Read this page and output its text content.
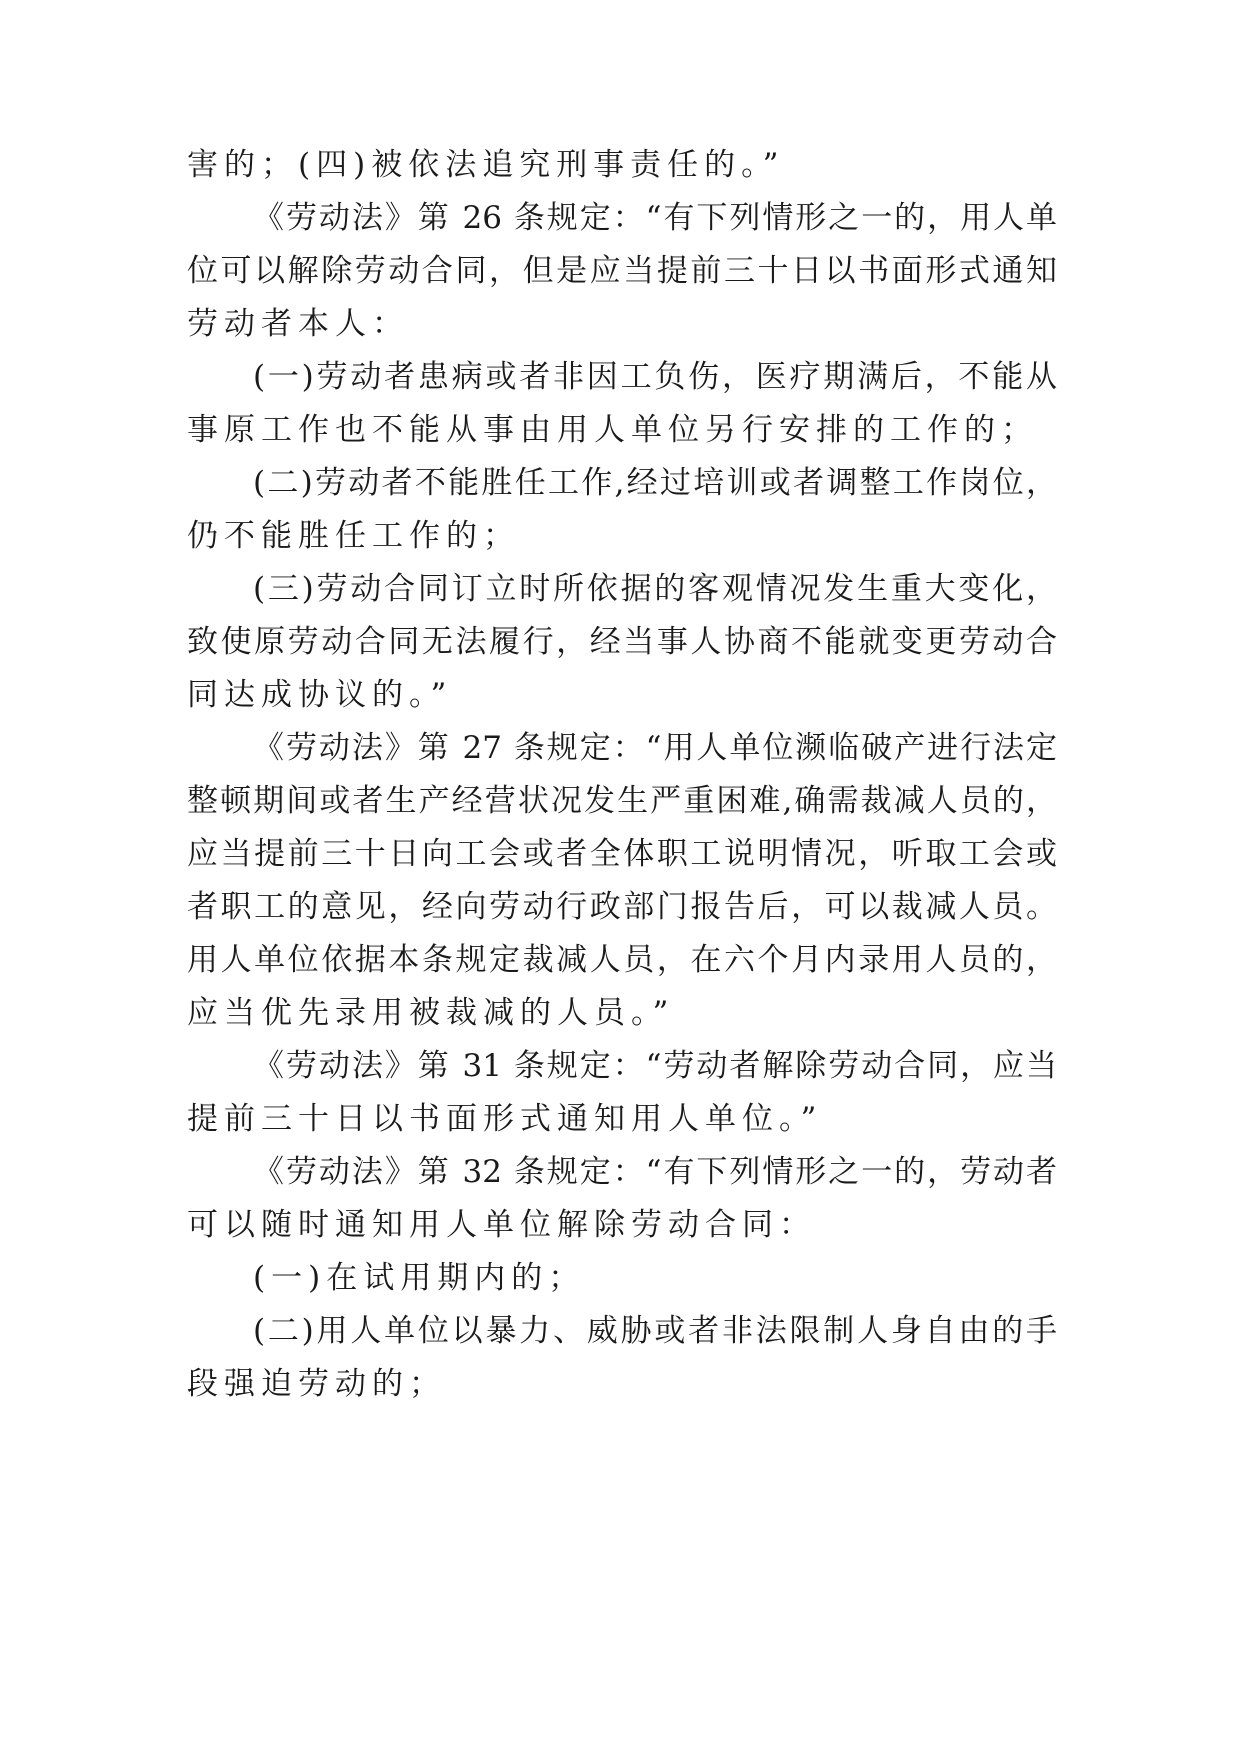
害的；(四)被依法追究刑事责任的。”
《劳动法》第 26 条规定：“有下列情形之一的，用人单
位可以解除劳动合同，但是应当提前三十日以书面形式通知
劳动者本人：
(一)劳动者患病或者非因工负伤，医疗期满后，不能从
事原工作也不能从事由用人单位另行安排的工作的；
(二)劳动者不能胜任工作,经过培训或者调整工作岗位，
仍不能胜任工作的；
(三)劳动合同订立时所依据的客观情况发生重大变化，
致使原劳动合同无法履行，经当事人协商不能就变更劳动合
同达成协议的。”
《劳动法》第 27 条规定：“用人单位濒临破产进行法定
整顿期间或者生产经营状况发生严重困难,确需裁减人员的，
应当提前三十日向工会或者全体职工说明情况，听取工会或
者职工的意见，经向劳动行政部门报告后，可以裁减人员。
用人单位依据本条规定裁减人员，在六个月内录用人员的，
应当优先录用被裁减的人员。”
《劳动法》第 31 条规定：“劳动者解除劳动合同，应当
提前三十日以书面形式通知用人单位。”
《劳动法》第 32 条规定：“有下列情形之一的，劳动者
可以随时通知用人单位解除劳动合同：
(一)在试用期内的；
(二)用人单位以暴力、威胁或者非法限制人身自由的手
段强迫劳动的；
